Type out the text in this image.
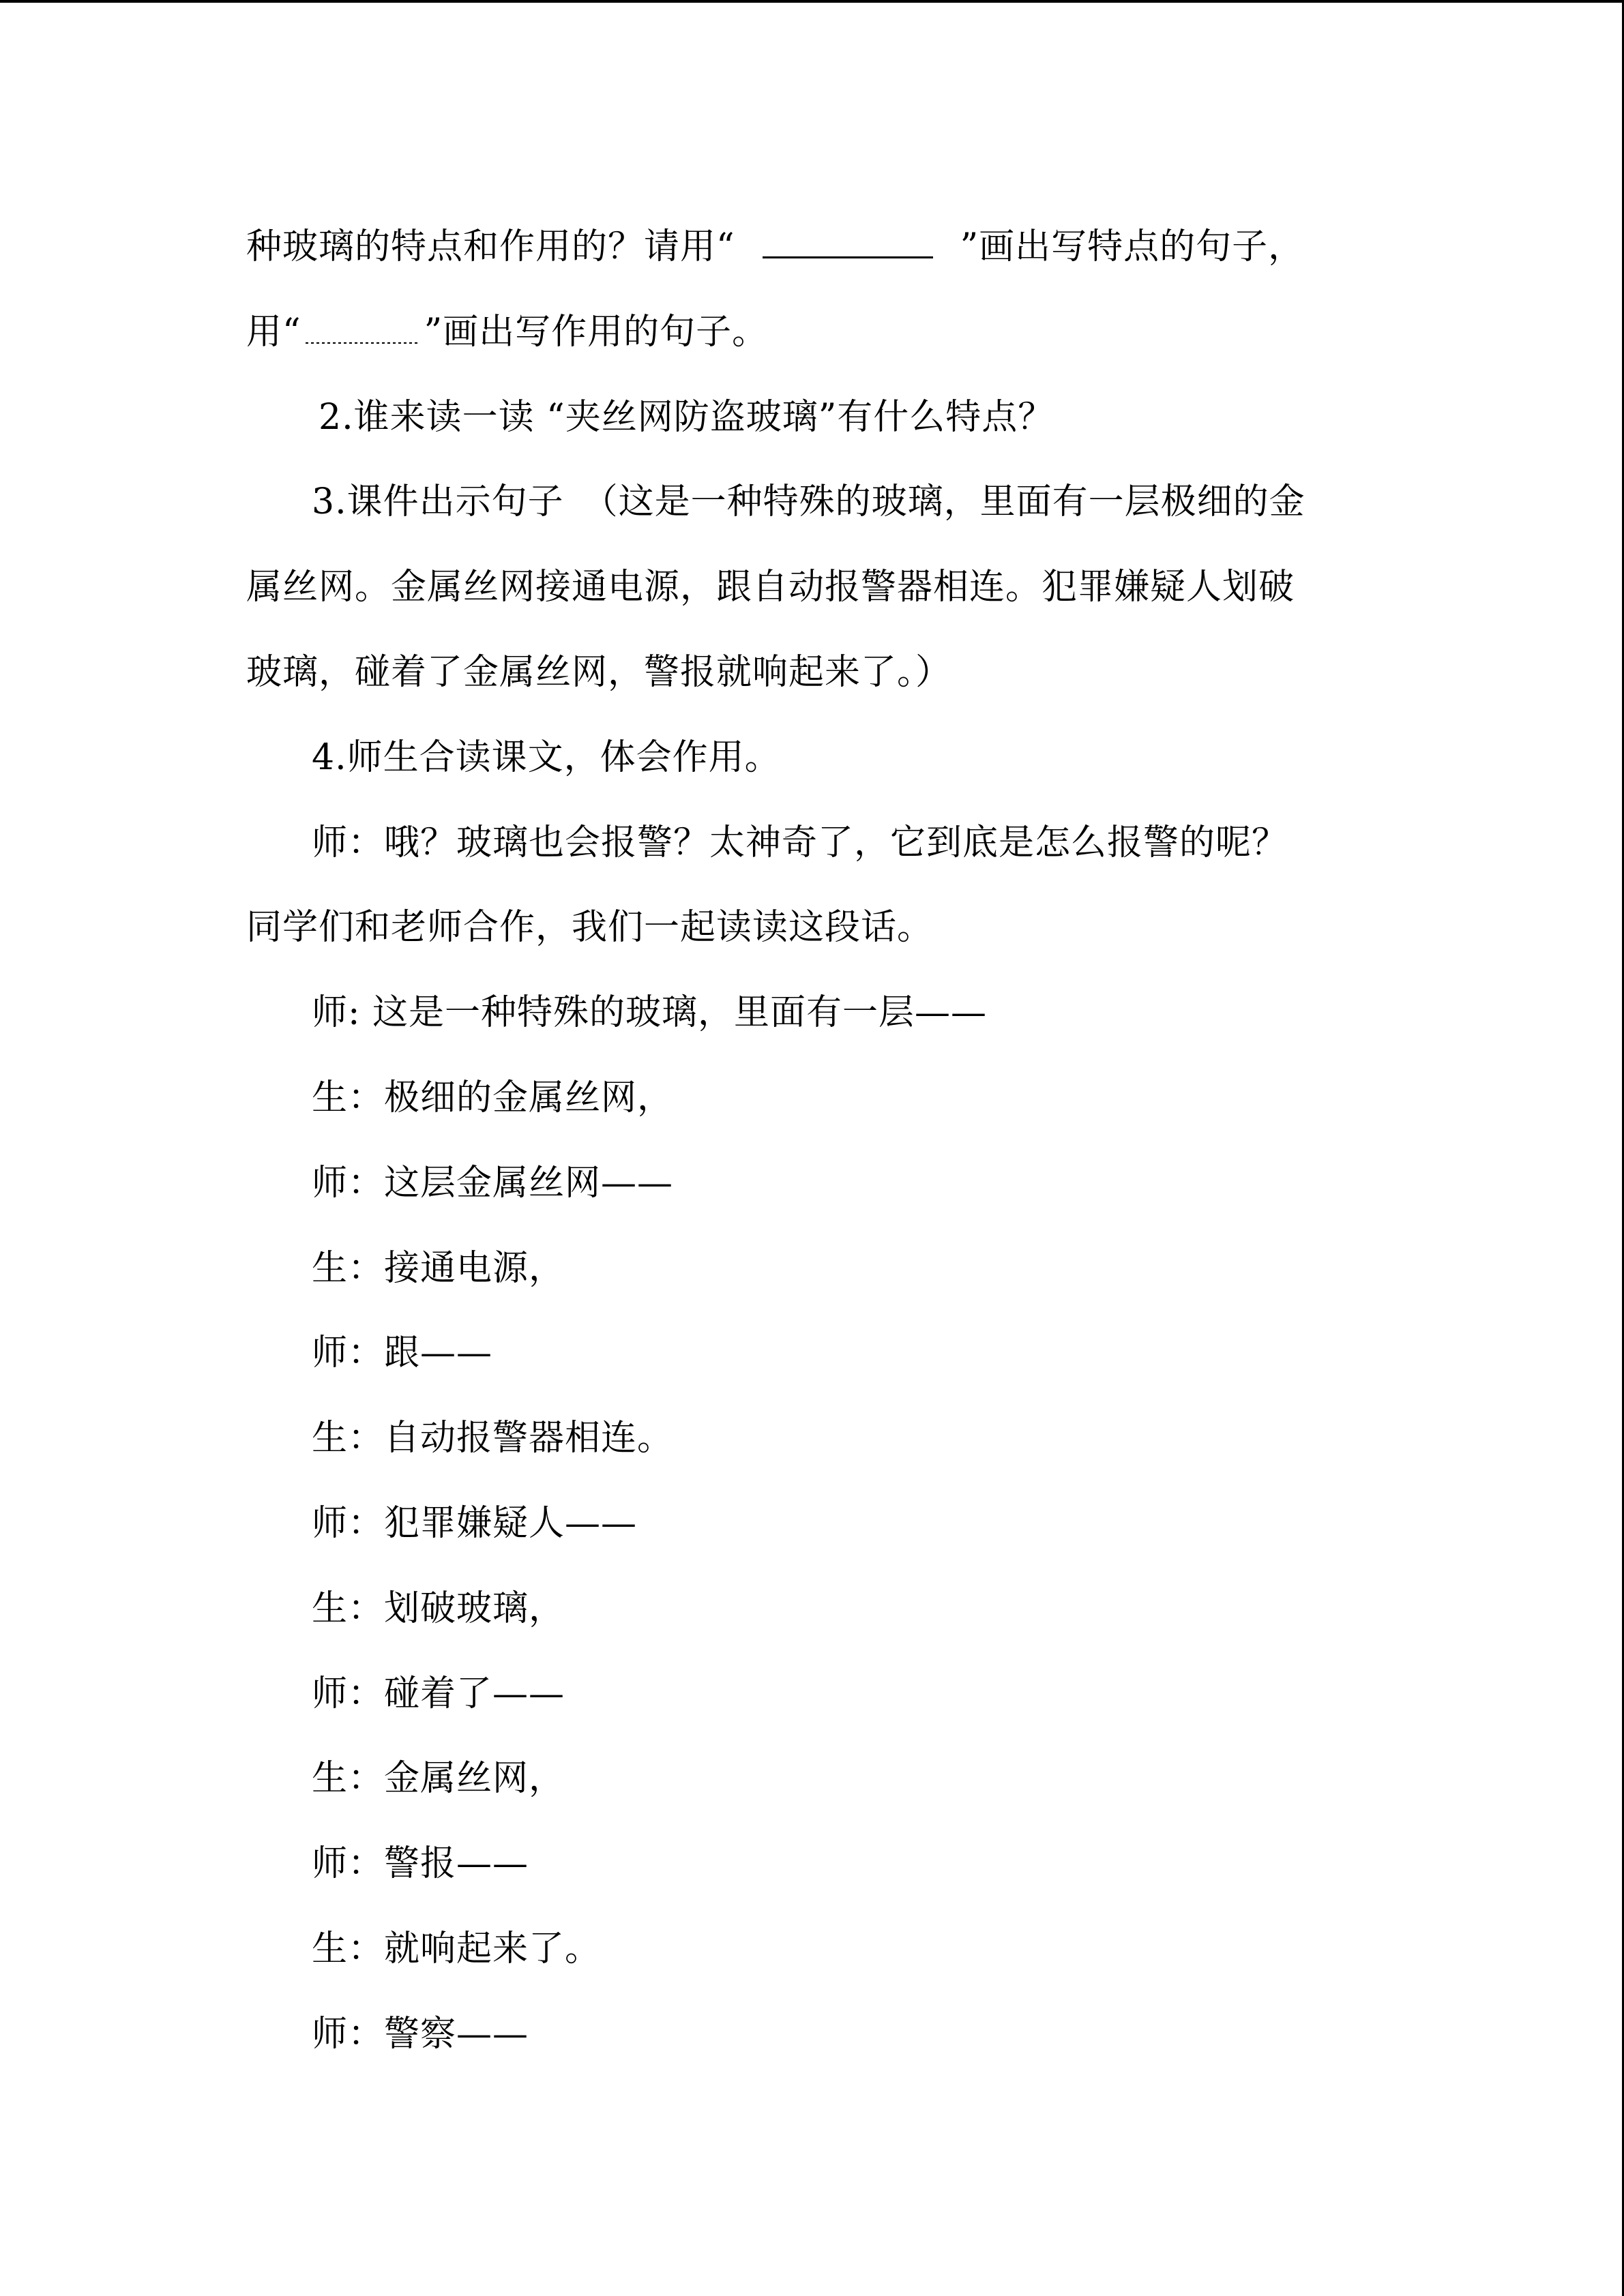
种玻璃的特点和作用的？请用“	”画出写特点的句子，
用“	”画出写作用的句子。
2.谁来读一读 “夹丝网防盗玻璃”有什么特点？
3.课件出示句子　（这是一种特殊的玻璃，里面有一层极细的金
属丝网。金属丝网接通电源，跟自动报警器相连。犯罪嫌疑人划破
玻璃，碰着了金属丝网，警报就响起来了。）
4.师生合读课文，体会作用。
师：哦？玻璃也会报警？太神奇了，它到底是怎么报警的呢？
同学们和老师合作，我们一起读读这段话。
师: 这是一种特殊的玻璃，里面有一层——
生：极细的金属丝网，
师：这层金属丝网——
生：接通电源，
师：跟——
生：自动报警器相连。
师：犯罪嫌疑人——
生：划破玻璃，
师：碰着了——
生：金属丝网，
师：警报——
生：就响起来了。
师：警察——
